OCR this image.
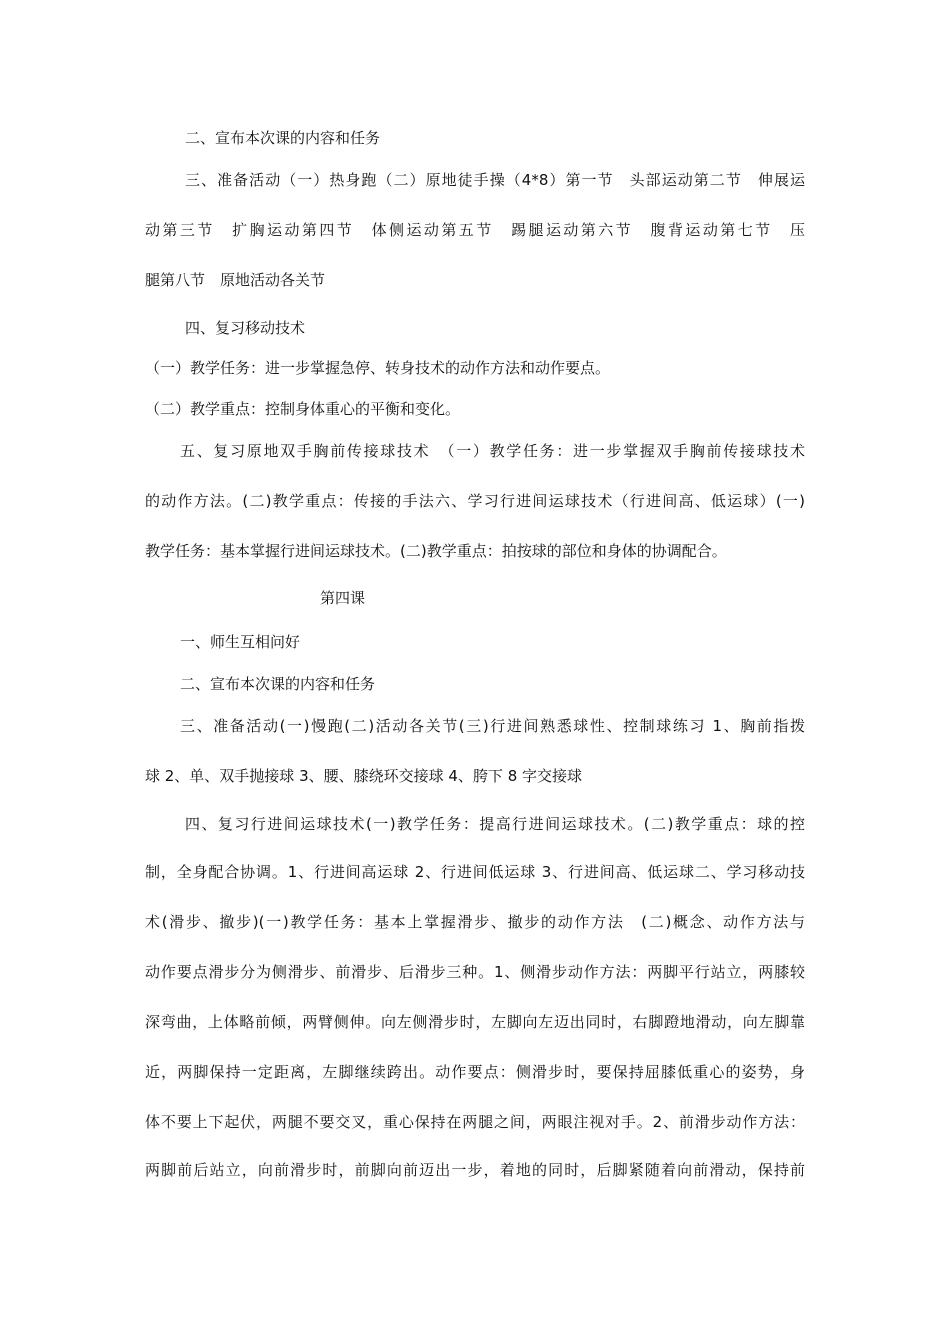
二、宣布本次课的内容和任务

三、准备活动（一）热身跑（二）原地徒手操（4*8）第一节　头部运动第二节　伸展运

动第三节　扩胸运动第四节　体侧运动第五节　踢腿运动第六节　腹背运动第七节　压

腿第八节　原地活动各关节

四、复习移动技术

（一）教学任务：进一步掌握急停、转身技术的动作方法和动作要点。

（二）教学重点：控制身体重心的平衡和变化。

五、复习原地双手胸前传接球技术　（一）教学任务：进一步掌握双手胸前传接球技术

的动作方法。(二)教学重点：传接的手法六、学习行进间运球技术（行进间高、低运球）(一)

教学任务：基本掌握行进间运球技术。(二)教学重点：拍按球的部位和身体的协调配合。

第四课

一、师生互相问好

二、宣布本次课的内容和任务

三、准备活动(一)慢跑(二)活动各关节(三)行进间熟悉球性、控制球练习 1、胸前指拨

球 2、单、双手抛接球 3、腰、膝绕环交接球 4、胯下 8 字交接球

四、复习行进间运球技术(一)教学任务：提高行进间运球技术。(二)教学重点：球的控

制，全身配合协调。1、行进间高运球 2、行进间低运球 3、行进间高、低运球二、学习移动技

术(滑步、撤步)(一)教学任务：基本上掌握滑步、撤步的动作方法　(二)概念、动作方法与

动作要点滑步分为侧滑步、前滑步、后滑步三种。1、侧滑步动作方法：两脚平行站立，两膝较

深弯曲，上体略前倾，两臂侧伸。向左侧滑步时，左脚向左迈出同时，右脚蹬地滑动，向左脚靠

近，两脚保持一定距离，左脚继续跨出。动作要点：侧滑步时，要保持屈膝低重心的姿势，身

体不要上下起伏，两腿不要交叉，重心保持在两腿之间，两眼注视对手。2、前滑步动作方法：

两脚前后站立，向前滑步时，前脚向前迈出一步，着地的同时，后脚紧随着向前滑动，保持前
